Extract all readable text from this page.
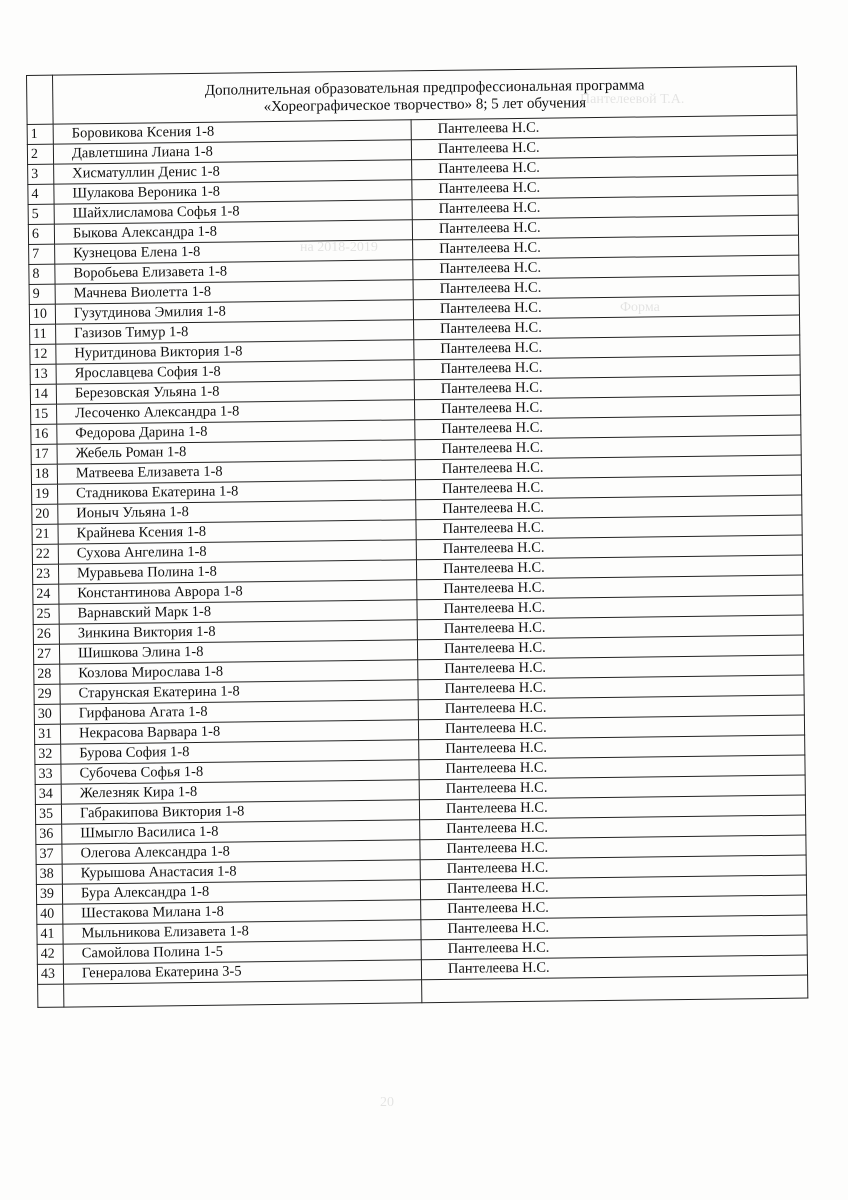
Пантелеевой Т.А.
на 2018-2019
Форма
20

	Дополнительная образовательная предпрофессиональная программа
«Хореографическое творчество» 8; 5 лет обучения	

1	Боровикова Ксения 1-8	Пантелеева Н.С.
2	Давлетшина Лиана 1-8	Пантелеева Н.С.
3	Хисматуллин Денис 1-8	Пантелеева Н.С.
4	Шулакова Вероника 1-8	Пантелеева Н.С.
5	Шайхлисламова Софья 1-8	Пантелеева Н.С.
6	Быкова Александра 1-8	Пантелеева Н.С.
7	Кузнецова Елена 1-8	Пантелеева Н.С.
8	Воробьева Елизавета 1-8	Пантелеева Н.С.
9	Мачнева Виолетта 1-8	Пантелеева Н.С.
10	Гузутдинова Эмилия 1-8	Пантелеева Н.С.
11	Газизов Тимур 1-8	Пантелеева Н.С.
12	Нуритдинова Виктория 1-8	Пантелеева Н.С.
13	Ярославцева София 1-8	Пантелеева Н.С.
14	Березовская Ульяна 1-8	Пантелеева Н.С.
15	Лесоченко Александра 1-8	Пантелеева Н.С.
16	Федорова Дарина 1-8	Пантелеева Н.С.
17	Жебель Роман 1-8	Пантелеева Н.С.
18	Матвеева Елизавета 1-8	Пантелеева Н.С.
19	Стадникова Екатерина 1-8	Пантелеева Н.С.
20	Ионыч Ульяна 1-8	Пантелеева Н.С.
21	Крайнева Ксения 1-8	Пантелеева Н.С.
22	Сухова Ангелина 1-8	Пантелеева Н.С.
23	Муравьева Полина 1-8	Пантелеева Н.С.
24	Константинова Аврора 1-8	Пантелеева Н.С.
25	Варнавский Марк 1-8	Пантелеева Н.С.
26	Зинкина Виктория 1-8	Пантелеева Н.С.
27	Шишкова Элина 1-8	Пантелеева Н.С.
28	Козлова Мирослава 1-8	Пантелеева Н.С.
29	Старунская Екатерина 1-8	Пантелеева Н.С.
30	Гирфанова Агата 1-8	Пантелеева Н.С.
31	Некрасова Варвара 1-8	Пантелеева Н.С.
32	Бурова София 1-8	Пантелеева Н.С.
33	Субочева Софья 1-8	Пантелеева Н.С.
34	Железняк Кира 1-8	Пантелеева Н.С.
35	Габракипова Виктория 1-8	Пантелеева Н.С.
36	Шмыгло Василиса 1-8	Пантелеева Н.С.
37	Олегова Александра 1-8	Пантелеева Н.С.
38	Курышова Анастасия 1-8	Пантелеева Н.С.
39	Бура Александра 1-8	Пантелеева Н.С.
40	Шестакова Милана 1-8	Пантелеева Н.С.
41	Мыльникова Елизавета 1-8	Пантелеева Н.С.
42	Самойлова Полина 1-5	Пантелеева Н.С.
43	Генералова Екатерина 3-5	Пантелеева Н.С.
